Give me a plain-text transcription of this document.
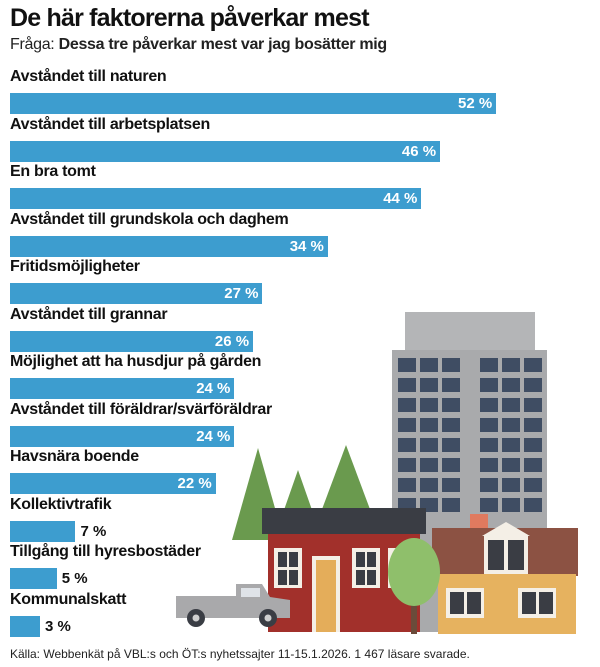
De här faktorerna påverkar mest
Fråga: Dessa tre påverkar mest var jag bosätter mig
Avståndet till naturen
52 %
Avståndet till arbetsplatsen
46 %
En bra tomt
44 %
Avståndet till grundskola och daghem
34 %
Fritidsmöjligheter
27 %
Avståndet till grannar
26 %
Möjlighet att ha husdjur på gården
24 %
Avståndet till föräldrar/svärföräldrar
24 %
Havsnära boende
22 %
Kollektivtrafik
7 %
Tillgång till hyresbostäder
5 %
Kommunalskatt
3 %
Källa: Webbenkät på VBL:s och ÖT:s nyhetssajter 11-15.1.2026. 1 467 läsare svarade.
